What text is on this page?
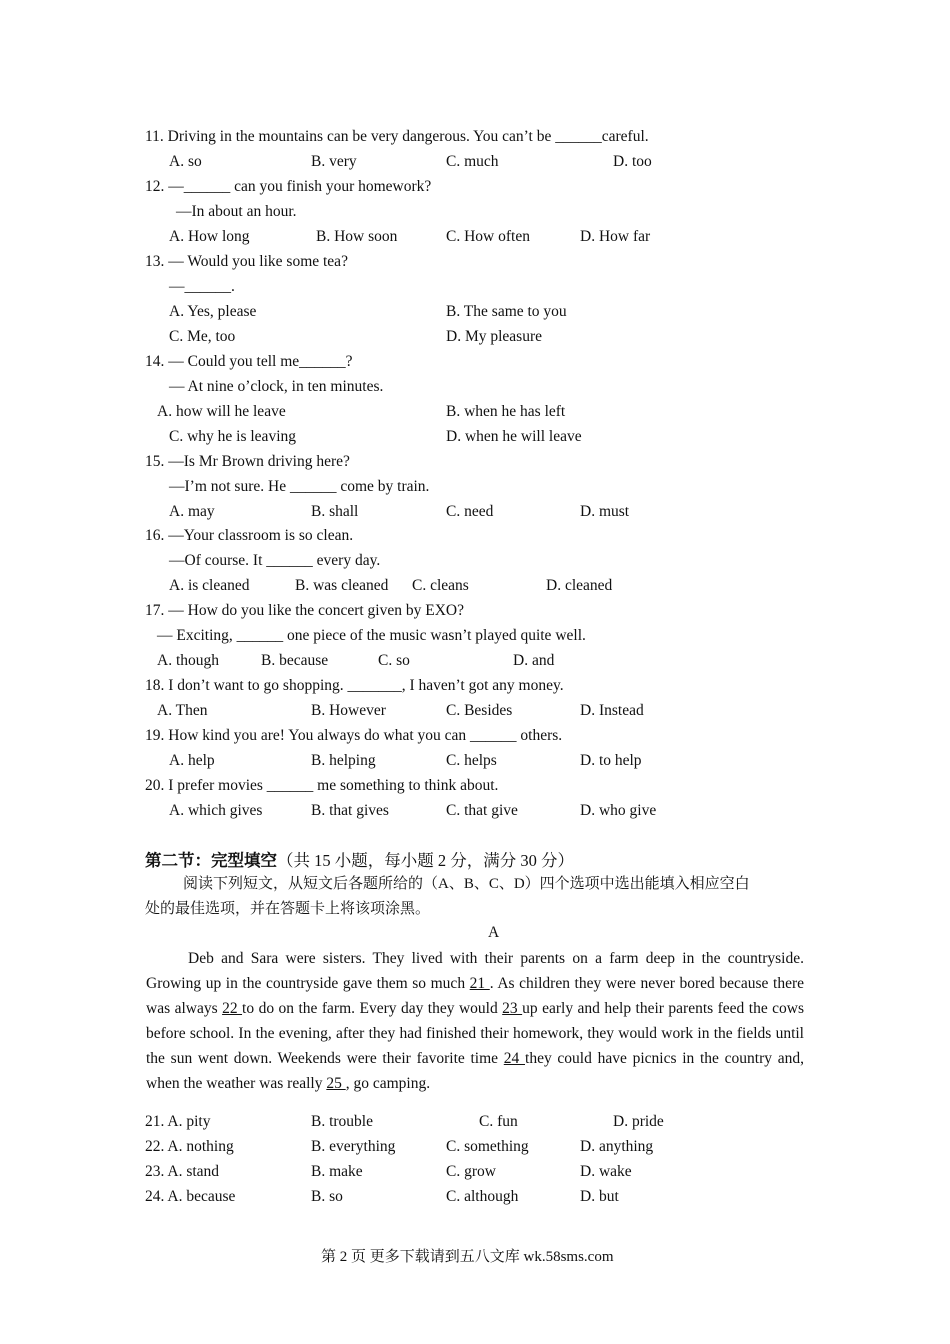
11. Driving in the mountains can be very dangerous. You can’t be ______careful.
A. so	B. very	C. much	D. too
12. —______ can you finish your homework?
—In about an hour.
A. How long	B. How soon	C. How often	D. How far
13. — Would you like some tea?
—______.
A. Yes, please	B. The same to you
C. Me, too	D. My pleasure
14. — Could you tell me______?
— At nine o’clock, in ten minutes.
A. how will he leave	B. when he has left
C. why he is leaving	D. when he will leave
15. —Is Mr Brown driving here?
—I’m not sure. He ______ come by train.
A. may	B. shall	C. need	D. must
16. —Your classroom is so clean.
—Of course. It ______ every day.
A. is cleaned	B. was cleaned C. cleans	D. cleaned
17. — How do you like the concert given by EXO?
— Exciting, ______ one piece of the music wasn’t played quite well.
A. though	B. because	C. so	D. and
18. I don’t want to go shopping. _______, I haven’t got any money.
A. Then	B. However	C. Besides	D. Instead
19. How kind you are! You always do what you can ______ others.
A. help	B. helping	C. helps	D. to help
20. I prefer movies ______ me something to think about.
A. which gives	B. that gives	C. that give	D. who give
第二节：完型填空（共 15 小题，每小题 2 分，满分 30 分）
阅读下列短文，从短文后各题所给的（A、B、C、D）四个选项中选出能填入相应空白
处的最佳选项，并在答题卡上将该项涂黑。
A
Deb and Sara were sisters. They lived with their parents on a farm deep in the countryside. Growing up in the countryside gave them so much 21 . As children they were never bored because there was always 22 to do on the farm. Every day they would 23 up early and help their parents feed the cows before school. In the evening, after they had finished their homework, they would work in the fields until the sun went down. Weekends were their favorite time 24 they could have picnics in the country and, when the weather was really 25 , go camping.
21. A. pity	B. trouble	C. fun	D. pride
22. A. nothing	B. everything	C. something	D. anything
23. A. stand	B. make	C. grow	D. wake
24. A. because	B. so	C. although	D. but
第 2 页 更多下载请到五八文库 wk.58sms.com
